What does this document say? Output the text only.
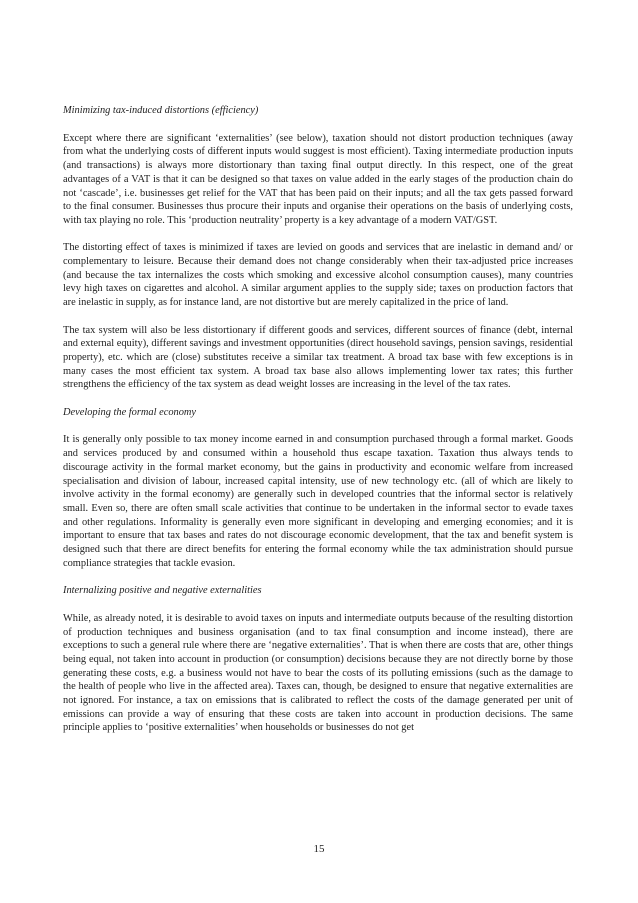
Minimizing tax-induced distortions (efficiency)

Except where there are significant ‘externalities’ (see below), taxation should not distort production techniques (away from what the underlying costs of different inputs would suggest is most efficient). Taxing intermediate production inputs (and transactions) is always more distortionary than taxing final output directly. In this respect, one of the great advantages of a VAT is that it can be designed so that taxes on value added in the early stages of the production chain do not ‘cascade’, i.e. businesses get relief for the VAT that has been paid on their inputs; and all the tax gets passed forward to the final consumer. Businesses thus procure their inputs and organise their operations on the basis of underlying costs, with tax playing no role. This ‘production neutrality’ property is a key advantage of a modern VAT/GST.

The distorting effect of taxes is minimized if taxes are levied on goods and services that are inelastic in demand and/ or complementary to leisure. Because their demand does not change considerably when their tax-adjusted price increases (and because the tax internalizes the costs which smoking and excessive alcohol consumption causes), many countries levy high taxes on cigarettes and alcohol. A similar argument applies to the supply side; taxes on production factors that are inelastic in supply, as for instance land, are not distortive but are merely capitalized in the price of land.

The tax system will also be less distortionary if different goods and services, different sources of finance (debt, internal and external equity), different savings and investment opportunities (direct household savings, pension savings, residential property), etc. which are (close) substitutes receive a similar tax treatment. A broad tax base with few exceptions is in many cases the most efficient tax system. A broad tax base also allows implementing lower tax rates; this further strengthens the efficiency of the tax system as dead weight losses are increasing in the level of the tax rates.

Developing the formal economy

It is generally only possible to tax money income earned in and consumption purchased through a formal market. Goods and services produced by and consumed within a household thus escape taxation. Taxation thus always tends to discourage activity in the formal market economy, but the gains in productivity and economic welfare from increased specialisation and division of labour, increased capital intensity, use of new technology etc. (all of which are likely to involve activity in the formal economy) are generally such in developed countries that the informal sector is relatively small. Even so, there are often small scale activities that continue to be undertaken in the informal sector to evade taxes and other regulations. Informality is generally even more significant in developing and emerging economies; and it is important to ensure that tax bases and rates do not discourage economic development, that the tax and benefit system is designed such that there are direct benefits for entering the formal economy while the tax administration should pursue compliance strategies that tackle evasion.

Internalizing positive and negative externalities

While, as already noted, it is desirable to avoid taxes on inputs and intermediate outputs because of the resulting distortion of production techniques and business organisation (and to tax final consumption and income instead), there are exceptions to such a general rule where there are ‘negative externalities’. That is when there are costs that are, other things being equal, not taken into account in production (or consumption) decisions because they are not directly borne by those generating these costs, e.g. a business would not have to bear the costs of its polluting emissions (such as the damage to the health of people who live in the affected area). Taxes can, though, be designed to ensure that negative externalities are not ignored. For instance, a tax on emissions that is calibrated to reflect the costs of the damage generated per unit of emissions can provide a way of ensuring that these costs are taken into account in production decisions. The same principle applies to ‘positive externalities’ when households or businesses do not get

15
